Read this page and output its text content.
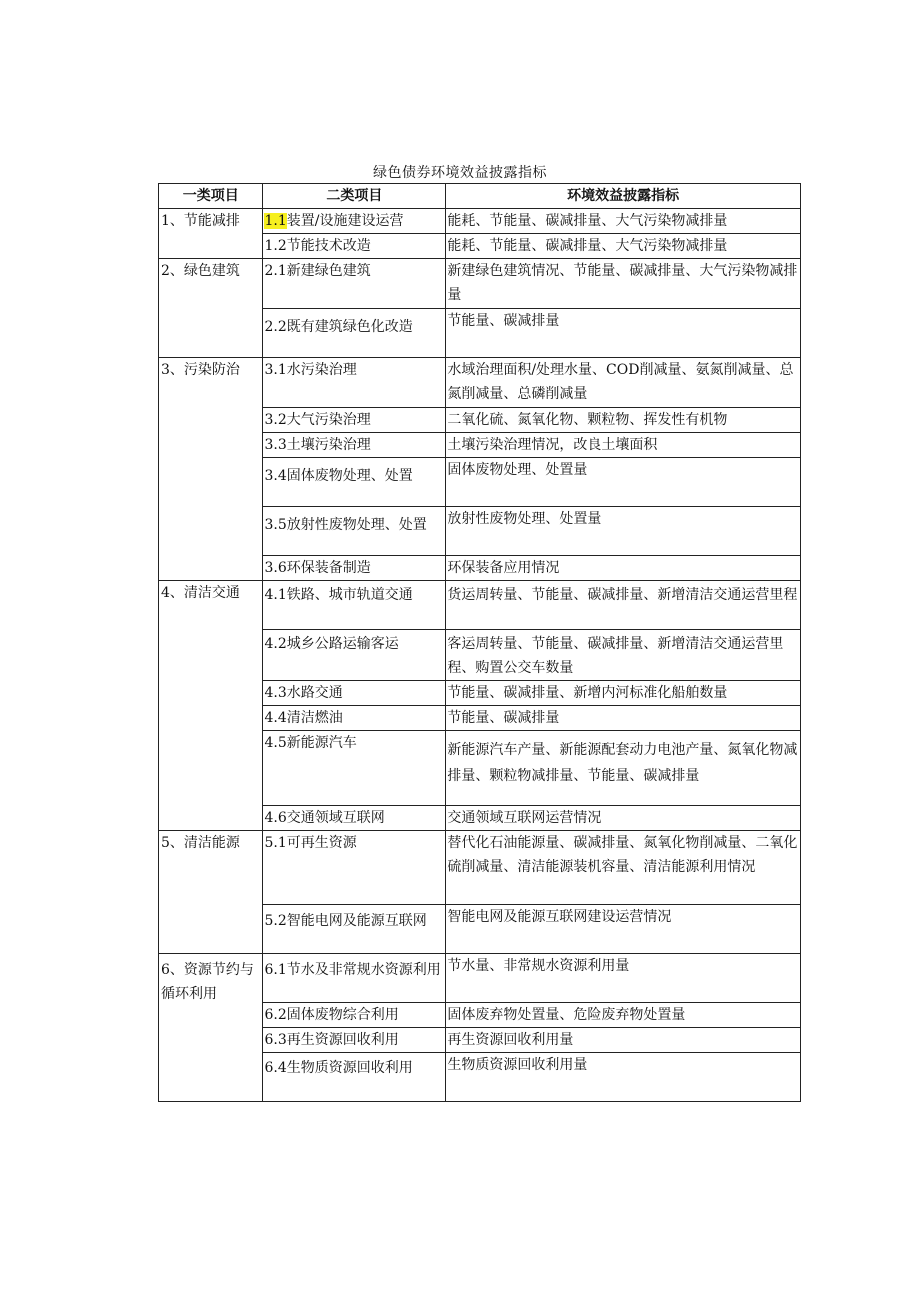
绿色债券环境效益披露指标
一类项目	二类项目	环境效益披露指标
1、节能减排	1.1装置/设施建设运营	能耗、节能量、碳减排量、大气污染物减排量
	1.2节能技术改造	能耗、节能量、碳减排量、大气污染物减排量
2、绿色建筑	2.1新建绿色建筑	新建绿色建筑情况、节能量、碳减排量、大气污染物减排量
	2.2既有建筑绿色化改造	节能量、碳减排量
3、污染防治	3.1水污染治理	水域治理面积/处理水量、COD削减量、氨氮削减量、总氮削减量、总磷削减量
	3.2大气污染治理	二氧化硫、氮氧化物、颗粒物、挥发性有机物
	3.3土壤污染治理	土壤污染治理情况，改良土壤面积
	3.4固体废物处理、处置	固体废物处理、处置量
	3.5放射性废物处理、处置	放射性废物处理、处置量
	3.6环保装备制造	环保装备应用情况
4、清洁交通	4.1铁路、城市轨道交通	货运周转量、节能量、碳减排量、新增清洁交通运营里程
	4.2城乡公路运输客运	客运周转量、节能量、碳减排量、新增清洁交通运营里程、购置公交车数量
	4.3水路交通	节能量、碳减排量、新增内河标准化船舶数量
	4.4清洁燃油	节能量、碳减排量
	4.5新能源汽车	新能源汽车产量、新能源配套动力电池产量、氮氧化物减排量、颗粒物减排量、节能量、碳减排量
	4.6交通领域互联网	交通领域互联网运营情况
5、清洁能源	5.1可再生资源	替代化石油能源量、碳减排量、氮氧化物削减量、二氧化硫削减量、清洁能源装机容量、清洁能源利用情况
	5.2智能电网及能源互联网	智能电网及能源互联网建设运营情况
6、资源节约与循环利用	6.1节水及非常规水资源利用	节水量、非常规水资源利用量
	6.2固体废物综合利用	固体废弃物处置量、危险废弃物处置量
	6.3再生资源回收利用	再生资源回收利用量
	6.4生物质资源回收利用	生物质资源回收利用量
